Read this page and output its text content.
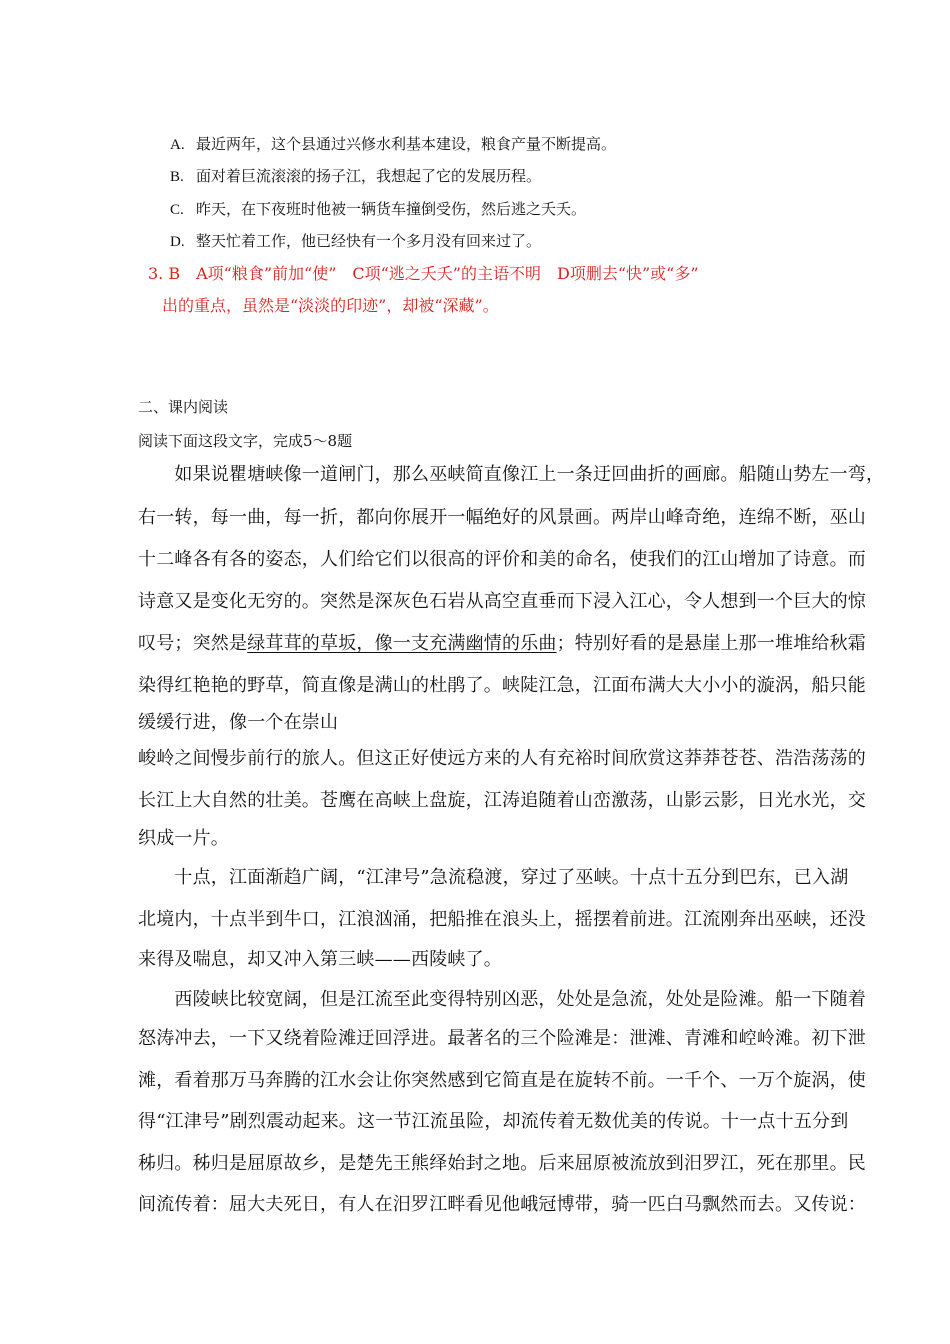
A. 最近两年，这个县通过兴修水利基本建设，粮食产量不断提高。
B. 面对着巨流滚滚的扬子江，我想起了它的发展历程。
C. 昨天，在下夜班时他被一辆货车撞倒受伤，然后逃之夭夭。
D. 整天忙着工作，他已经快有一个多月没有回来过了。
3. B　A项“粮食”前加“使”　C项“逃之夭夭”的主语不明　D项删去“快”或“多”
出的重点，虽然是“淡淡的印迹”，却被“深藏”。
二、课内阅读
阅读下面这段文字，完成5～8题
　　如果说瞿塘峡像一道闸门，那么巫峡简直像江上一条迂回曲折的画廊。船随山势左一弯，
右一转，每一曲，每一折，都向你展开一幅绝好的风景画。两岸山峰奇绝，连绵不断，巫山
十二峰各有各的姿态，人们给它们以很高的评价和美的命名，使我们的江山增加了诗意。而
诗意又是变化无穷的。突然是深灰色石岩从高空直垂而下浸入江心，令人想到一个巨大的惊
叹号；突然是绿茸茸的草坂，像一支充满幽情的乐曲；特别好看的是悬崖上那一堆堆给秋霜
染得红艳艳的野草，简直像是满山的杜鹃了。峡陡江急，江面布满大大小小的漩涡，船只能
缓缓行进，像一个在崇山
峻岭之间慢步前行的旅人。但这正好使远方来的人有充裕时间欣赏这莽莽苍苍、浩浩荡荡的
长江上大自然的壮美。苍鹰在高峡上盘旋，江涛追随着山峦激荡，山影云影，日光水光，交
织成一片。
　　十点，江面渐趋广阔，“江津号”急流稳渡，穿过了巫峡。十点十五分到巴东，已入湖
北境内，十点半到牛口，江浪汹涌，把船推在浪头上，摇摆着前进。江流刚奔出巫峡，还没
来得及喘息，却又冲入第三峡——西陵峡了。
　　西陵峡比较宽阔，但是江流至此变得特别凶恶，处处是急流，处处是险滩。船一下随着
怒涛冲去，一下又绕着险滩迂回浮进。最著名的三个险滩是：泄滩、青滩和崆岭滩。初下泄
滩，看着那万马奔腾的江水会让你突然感到它简直是在旋转不前。一千个、一万个旋涡，使
得“江津号”剧烈震动起来。这一节江流虽险，却流传着无数优美的传说。十一点十五分到
秭归。秭归是屈原故乡，是楚先王熊绎始封之地。后来屈原被流放到汨罗江，死在那里。民
间流传着：屈大夫死日，有人在汨罗江畔看见他峨冠博带，骑一匹白马飘然而去。又传说：
